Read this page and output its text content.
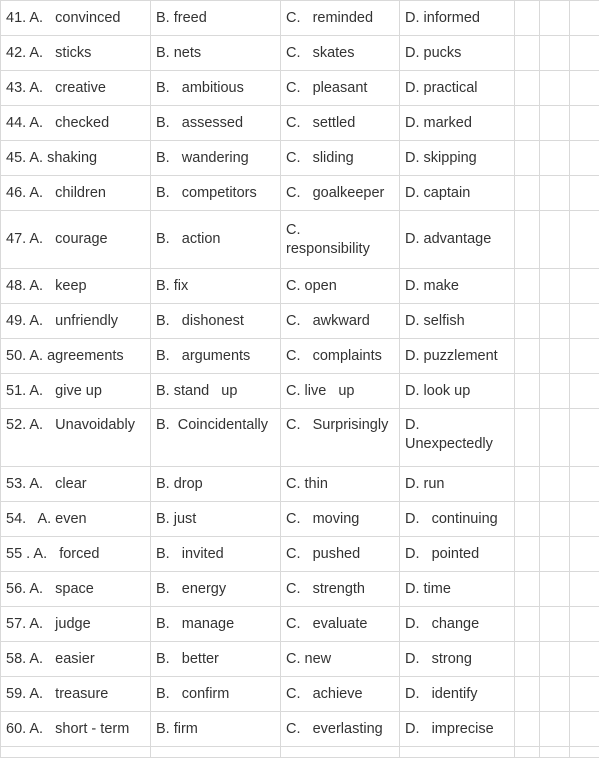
41. A.   convinced	B. freed	C.   reminded	D. informed			
42. A.   sticks	B. nets	C.   skates	D. pucks			
43. A.   creative	B.   ambitious	C.   pleasant	D. practical			
44. A.   checked	B.   assessed	C.   settled	D. marked			
45. A. shaking	B.   wandering	C.   sliding	D. skipping			
46. A.   children	B.   competitors	C.   goalkeeper	D. captain			
47. A.   courage	B.   action	C.
responsibility	D. advantage			
48. A.   keep	B. fix	C. open	D. make			
49. A.   unfriendly	B.   dishonest	C.   awkward	D. selfish			
50. A. agreements	B.   arguments	C.   complaints	D. puzzlement			
51. A.   give up	B. stand   up	C. live   up	D. look up			
52. A.   Unavoidably	B.  Coincidentally	C.   Surprisingly	D.
Unexpectedly			
53. A.   clear	B. drop	C. thin	D. run			
54.   A. even	B. just	C.   moving	D.   continuing			
55 . A.   forced	B.   invited	C.   pushed	D.   pointed			
56. A.   space	B.   energy	C.   strength	D. time			
57. A.   judge	B.   manage	C.   evaluate	D.   change			
58. A.   easier	B.   better	C. new	D.   strong			
59. A.   treasure	B.   confirm	C.   achieve	D.   identify			
60. A.   short - term	B. firm	C.   everlasting	D.   imprecise			
